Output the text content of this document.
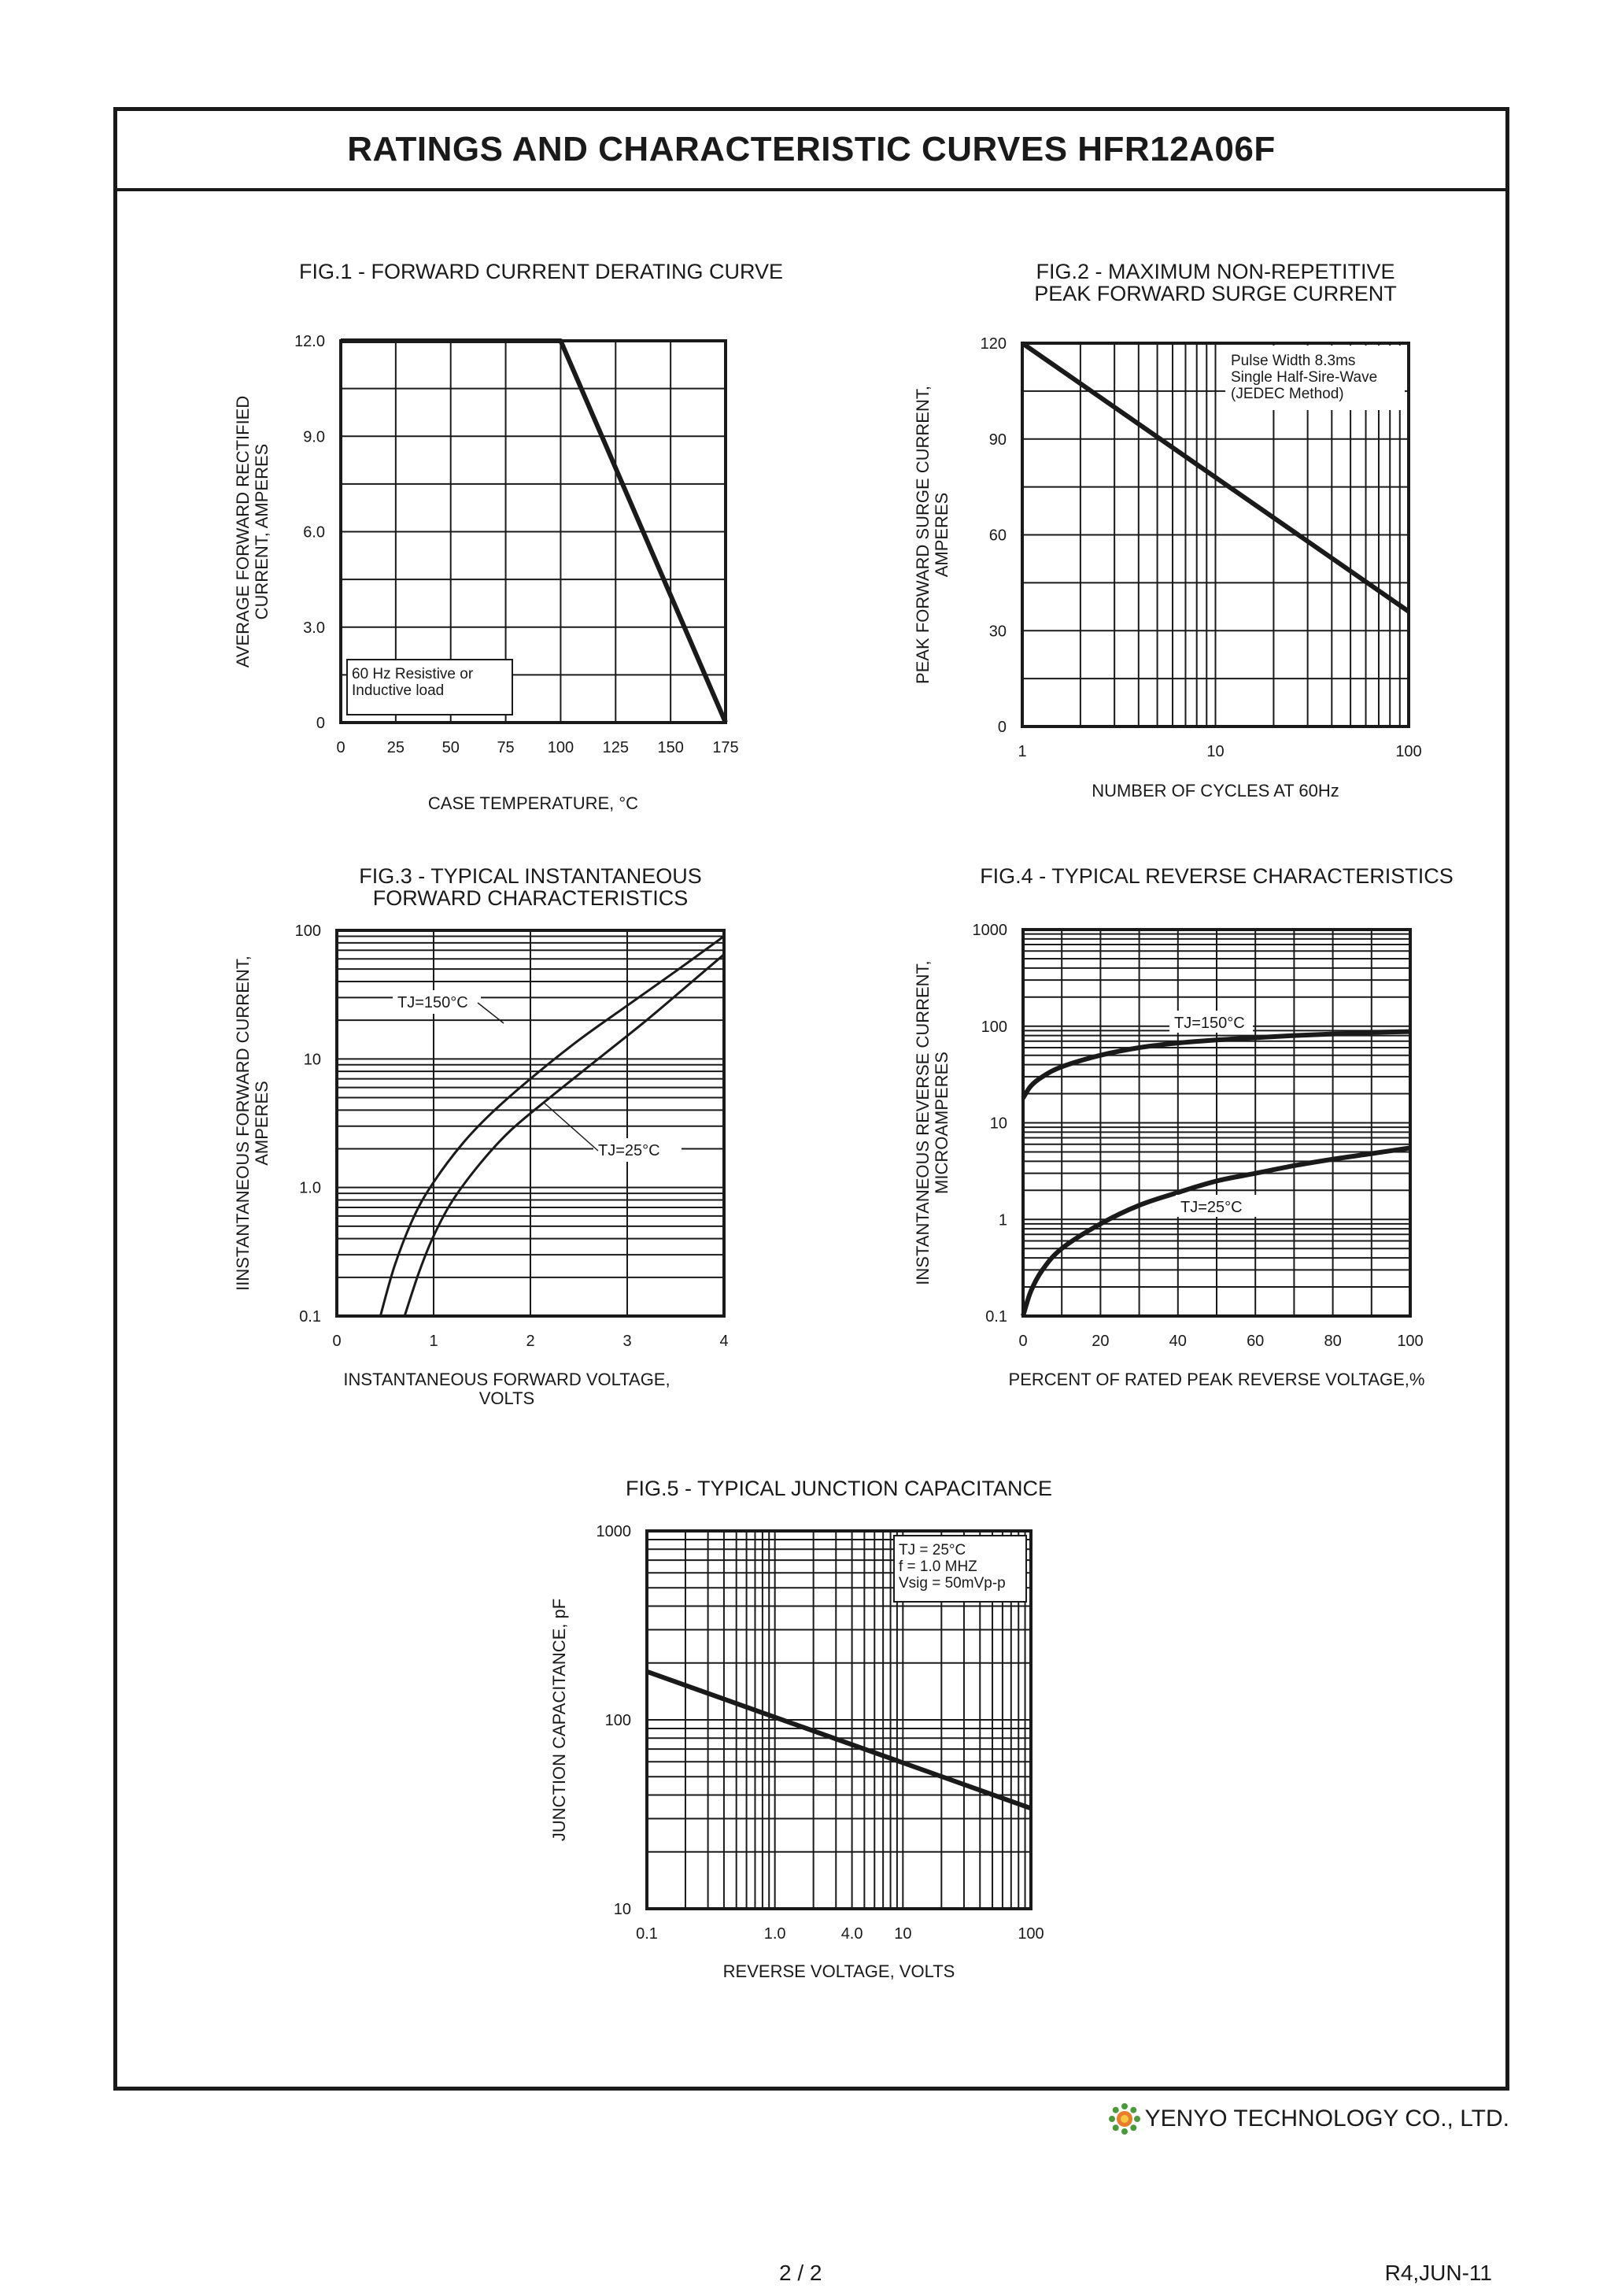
RATINGS AND CHARACTERISTIC CURVES HFR12A06F
FIG.1 - FORWARD CURRENT DERATING CURVE
60 Hz Resistive or
Inductive load
0	25 50 75 100 125 150 175
0
3.0
6.0
9.0
12.0
CASE TEMPERATURE, °C
AVERAGE FORWARD RECTIFIED CURRENT, AMPERES
FIG.2 - MAXIMUM NON-REPETITIVE
PEAK FORWARD SURGE CURRENT
Pulse Width 8.3ms
Single Half-Sire-Wave
(JEDEC Method)
1	10	100
0
30
60
90
120
NUMBER OF CYCLES AT 60Hz
PEAK FORWARD SURGE CURRENT, AMPERES
FIG.3 - TYPICAL INSTANTANEOUS
FORWARD CHARACTERISTICS
TJ=150°C
TJ=25°C
0	1	2	3	4
0.1
1.0
10
100
INSTANTANEOUS FORWARD VOLTAGE,
VOLTS
IINSTANTANEOUS FORWARD CURRENT, AMPERES
FIG.4 - TYPICAL REVERSE CHARACTERISTICS
TJ=150°C
TJ=25°C
0	20	40	60	80	100
0.1
1
10
100
1000
PERCENT OF RATED PEAK REVERSE VOLTAGE,%
INSTANTANEOUS REVERSE CURRENT, MICROAMPERES
FIG.5 - TYPICAL JUNCTION CAPACITANCE
TJ = 25°C
f = 1.0 MHZ
Vsig = 50mVp-p
0.1	1.0	4.0 10	100
10
100
1000
REVERSE VOLTAGE, VOLTS
JUNCTION CAPACITANCE, pF
YENYO TECHNOLOGY CO., LTD.
2 / 2	R4,JUN-11
